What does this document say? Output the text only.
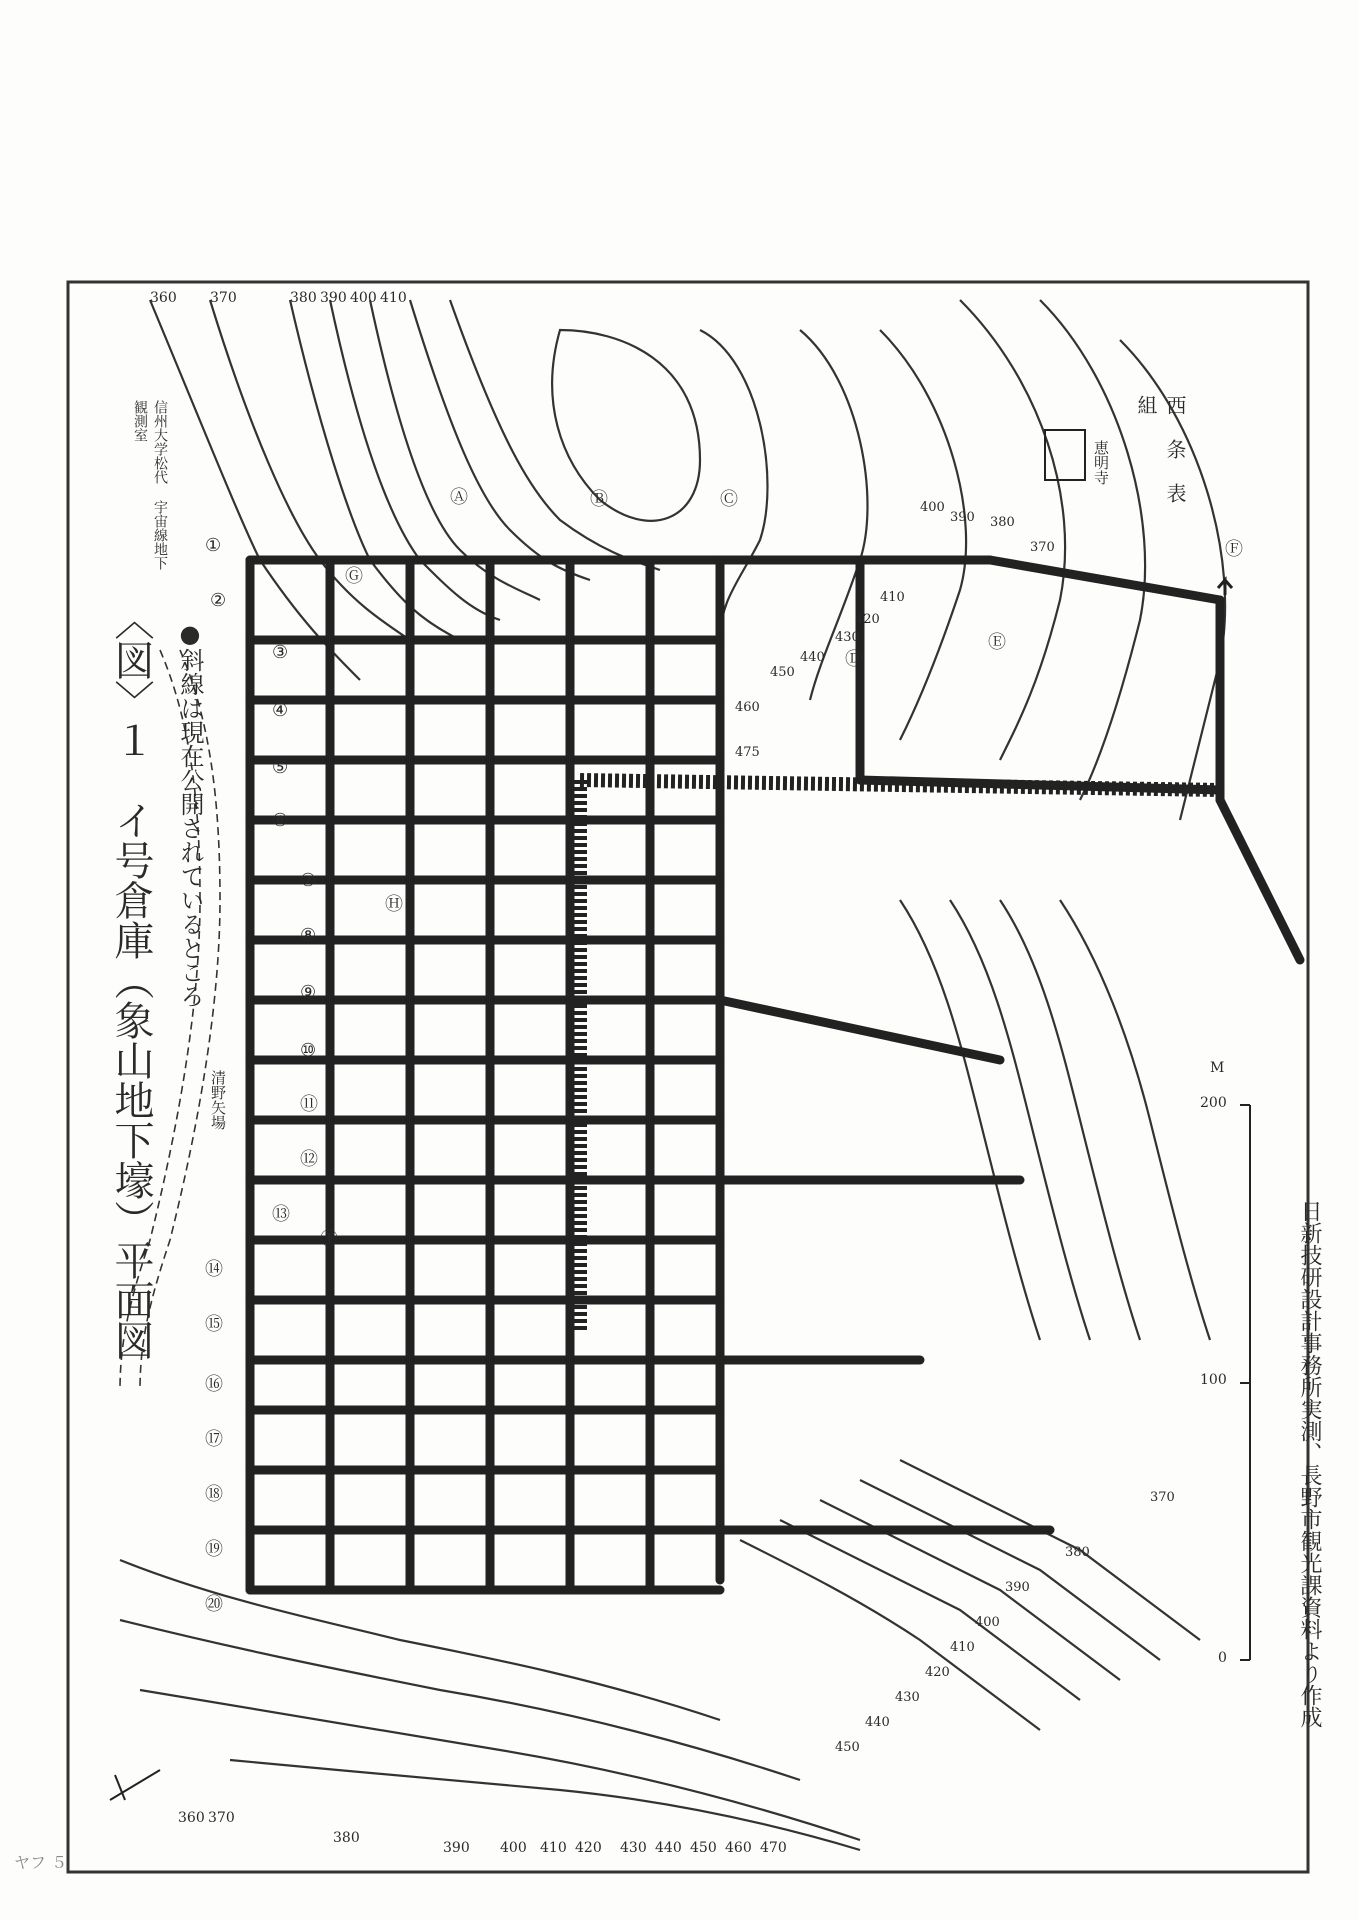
ヤフ ５
〈図〉１　イ号倉庫（象山地下壕）平面図 ●斜線は現在公開されているところ
清野矢場
信州大学松代 宇宙線地下観測室
恵明寺	西 条 表 組
日新技研設計事務所実測、長野市観光課資料より作成
0
100
200
M
360 370
380
390 400 410 420 430 440 450 460 470
360 370	380 390 400 410
370
380
390
400
410
420
430
440
450
460
475
370
380
390
400
410
420
430
440
450
Ⓐ	Ⓑ	Ⓒ
Ⓓ
Ⓔ
Ⓕ
Ⓖ
Ⓗ
Ⓘ
①
②
③
④
⑤
⑥
⑦
⑧
⑨
⑩
⑪
⑫
⑬
⑭
⑮
⑯
⑰
⑱
⑲
⑳
